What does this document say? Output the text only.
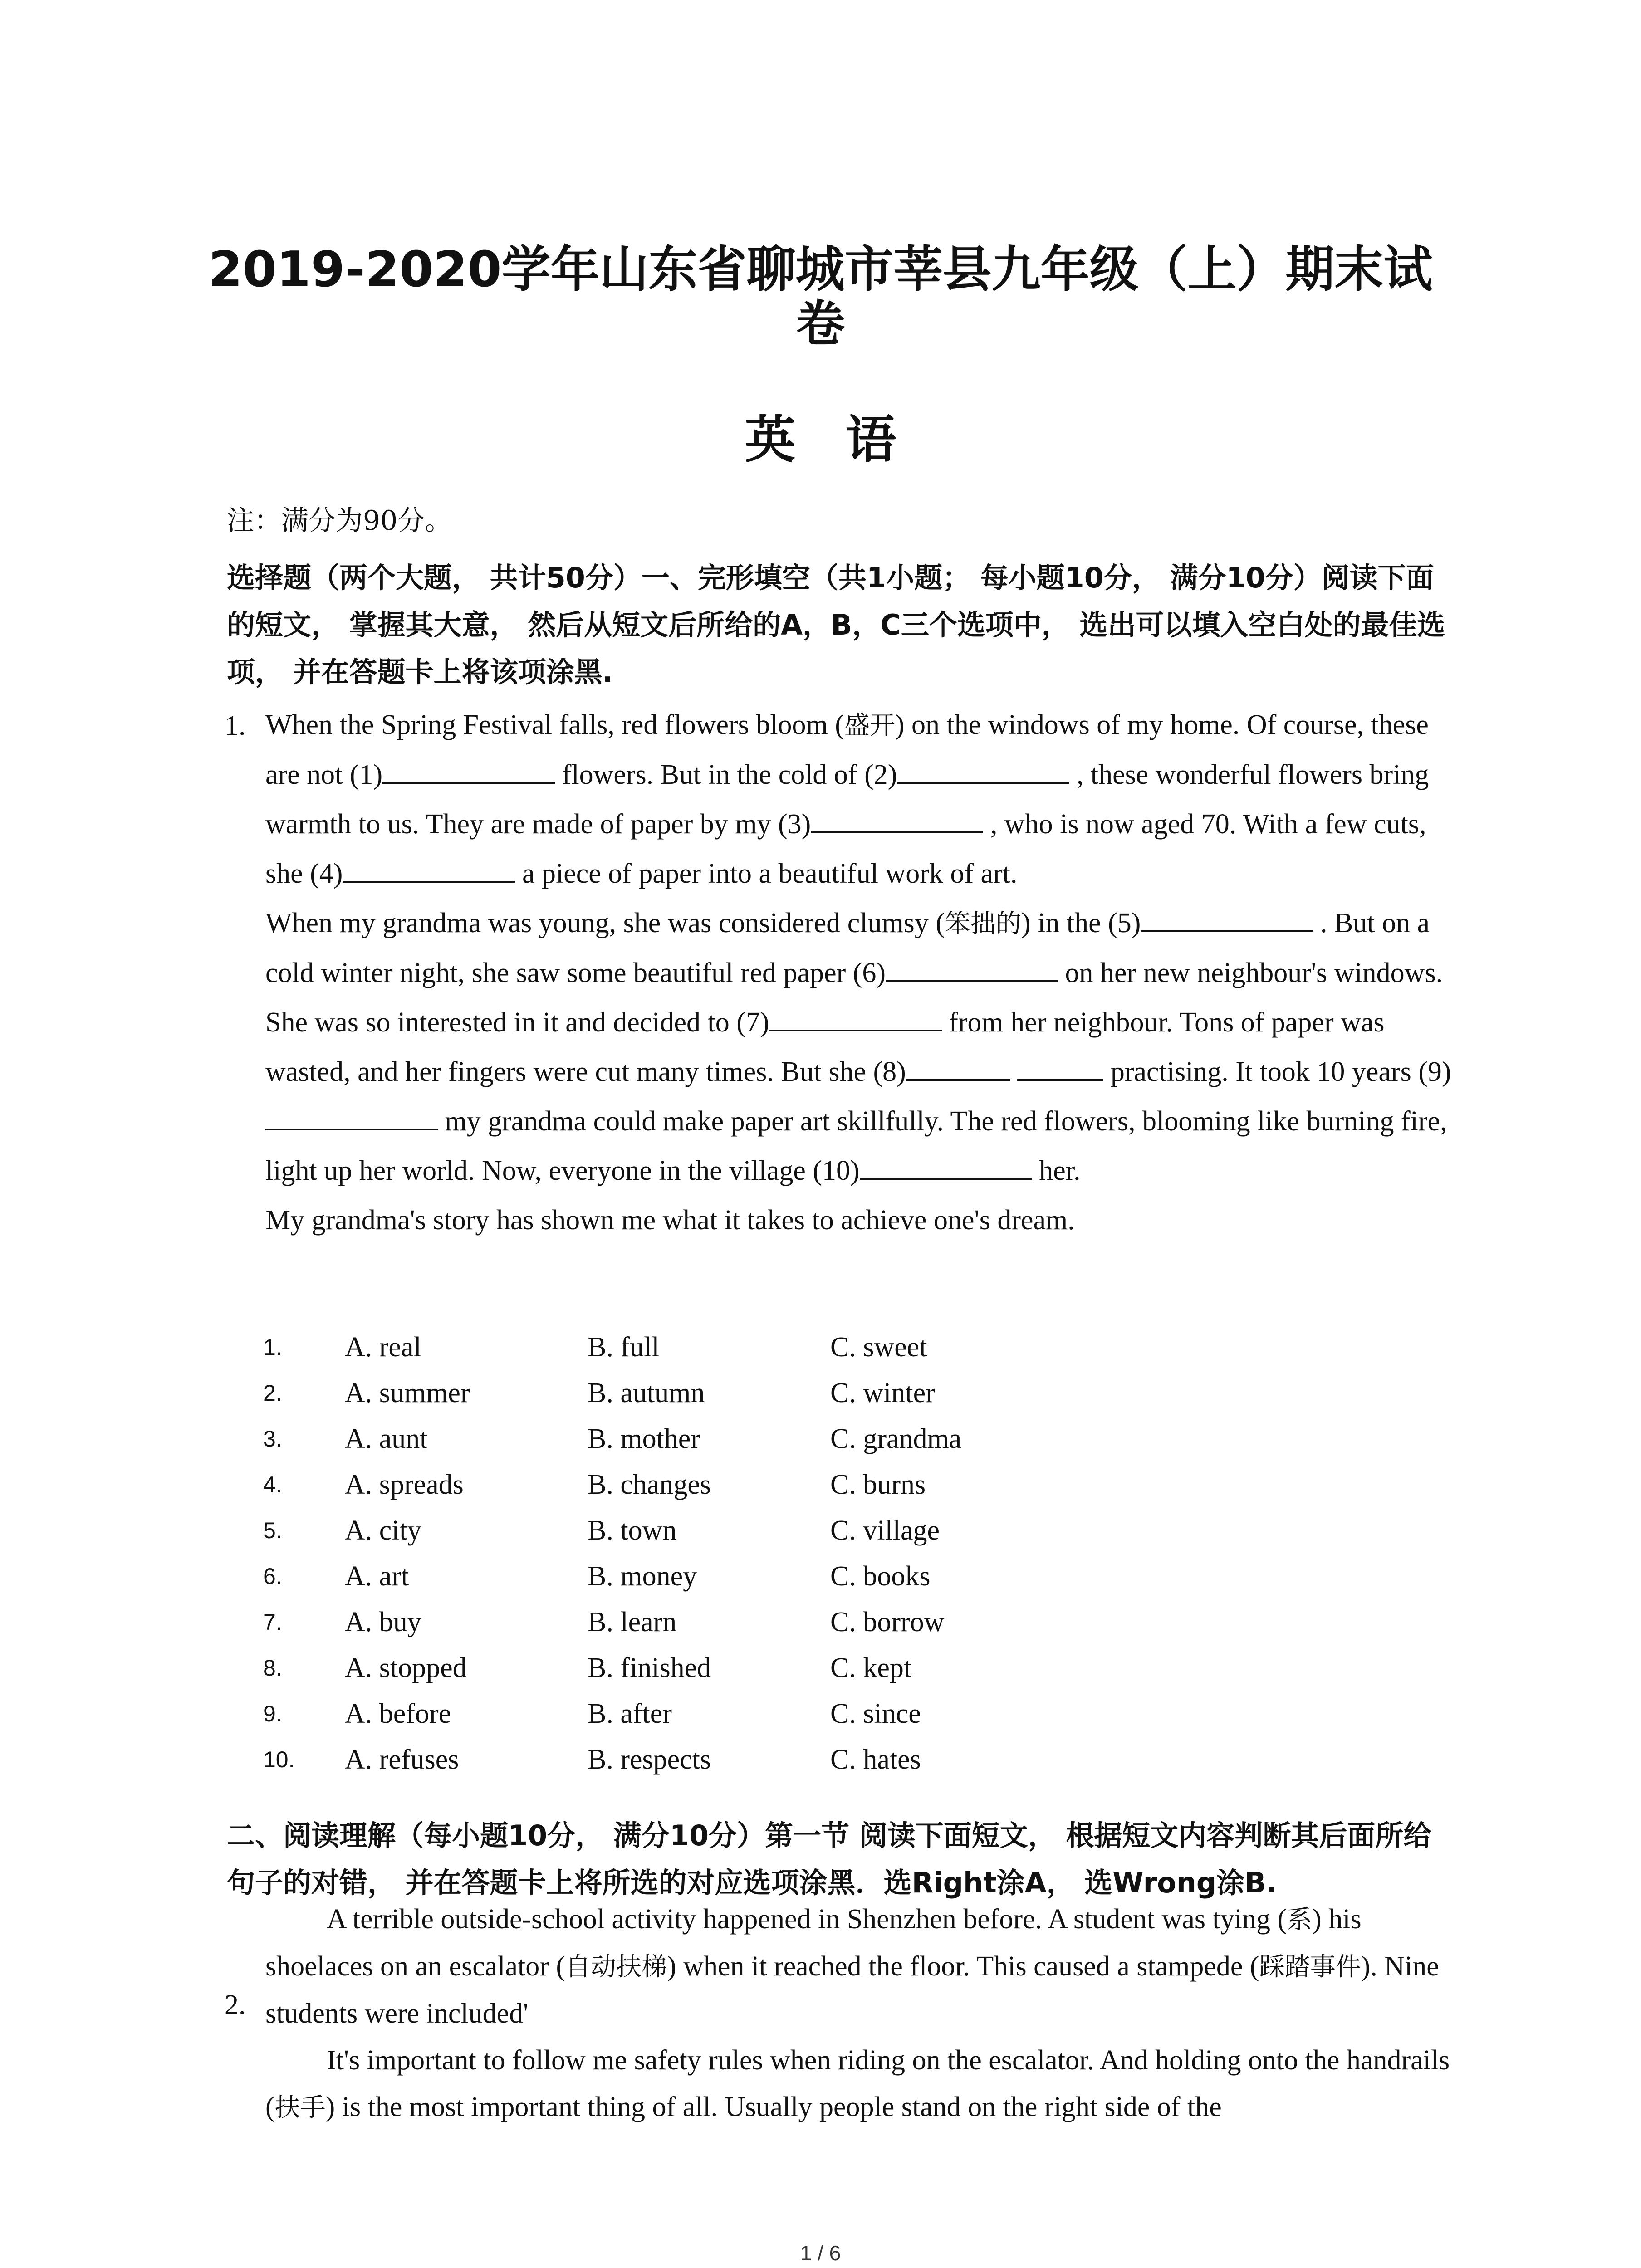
2019-2020学年山东省聊城市莘县九年级（上）期末试
卷
英语
注：满分为90分。
选择题（两个大题， 共计50分）一、完形填空（共1小题； 每小题10分， 满分10分）阅读下面的短文， 掌握其大意， 然后从短文后所给的A，B，C三个选项中， 选出可以填入空白处的最佳选项， 并在答题卡上将该项涂黑.
1. When the Spring Festival falls, red flowers bloom (盛开) on the windows of my home. Of course, these are not (1)	flowers. But in the cold of (2)	, these wonderful flowers bring warmth to us. They are made of paper by my (3)	, who is now aged 70. With a few cuts, she (4)	a piece of paper into a beautiful work of art.

When my grandma was young, she was considered clumsy (笨拙的) in the (5)	. But on a cold winter night, she saw some beautiful red paper (6)	on her new neighbour's windows. She was so interested in it and decided to (7)	from her neighbour. Tons of paper was wasted, and her fingers were cut many times. But she (8)	practising. It took 10 years (9) my grandma could make paper art skillfully. The red flowers, blooming like burning fire, light up her world. Now, everyone in the village (10)	her.

My grandma's story has shown me what it takes to achieve one's dream.

1. A. real	B. full	C. sweet
2. A. summer	B. autumn	C. winter
3. A. aunt	B. mother	C. grandma
4. A. spreads	B. changes	C. burns
5. A. city	B. town	C. village
6. A. art	B. money	C. books
7. A. buy	B. learn	C. borrow
8. A. stopped	B. finished	C. kept
9. A. before	B. after	C. since
10. A. refuses	B. respects	C. hates
二、阅读理解（每小题10分， 满分10分）第一节 阅读下面短文， 根据短文内容判断其后面所给句子的对错， 并在答题卡上将所选的对应选项涂黑．选Right涂A， 选Wrong涂B.
2.

A terrible outside-school activity happened in Shenzhen before. A student was tying (系) his shoelaces on an escalator (自动扶梯) when it reached the floor. This caused a stampede (踩踏事件). Nine students were included'

It's important to follow me safety rules when riding on the escalator. And holding onto the handrails (扶手) is the most important thing of all. Usually people stand on the right side of the

1 / 6
